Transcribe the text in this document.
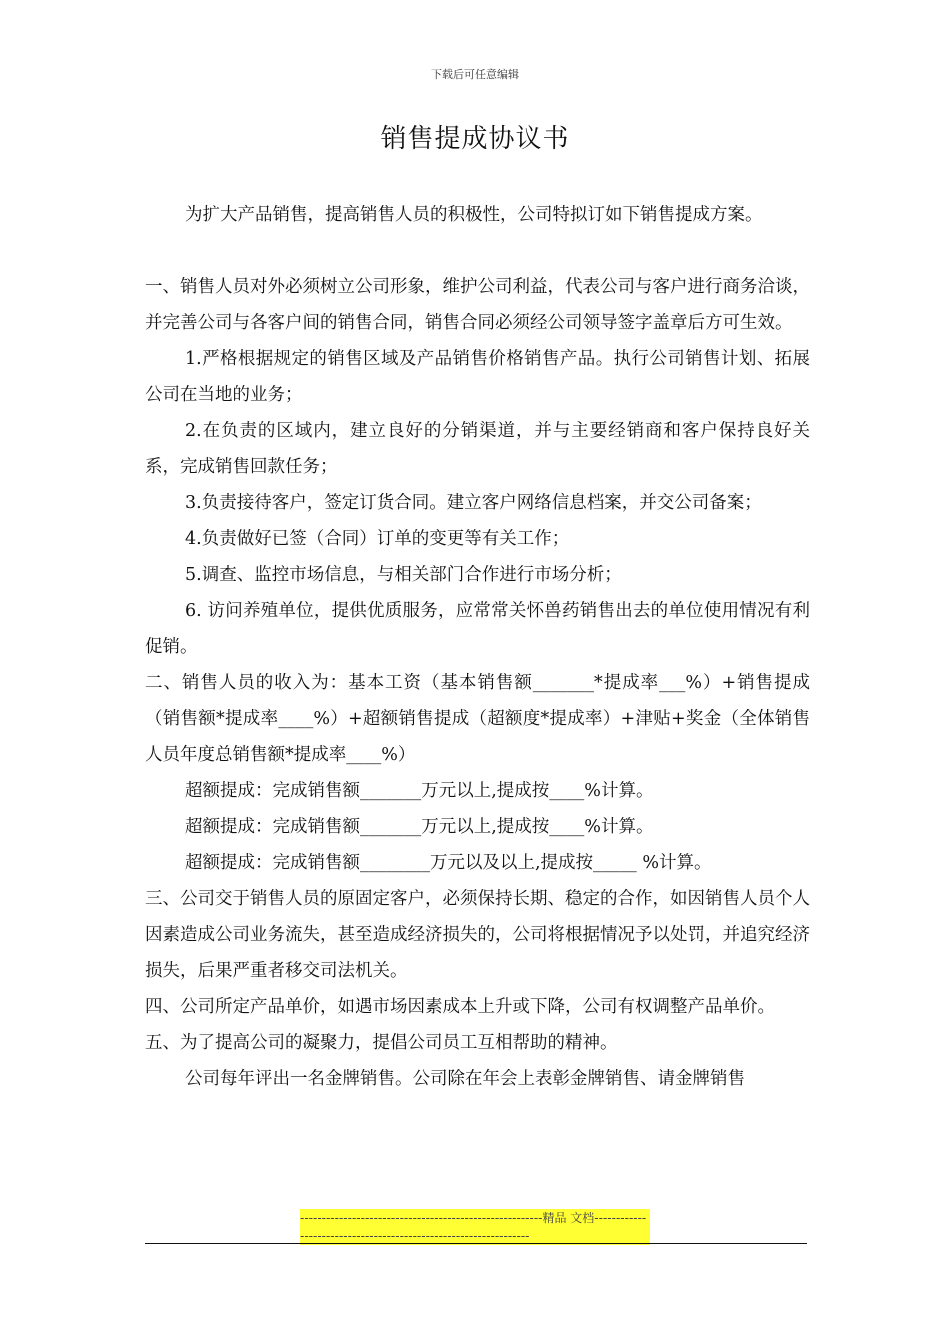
下载后可任意编辑
销售提成协议书

为扩大产品销售，提高销售人员的积极性，公司特拟订如下销售提成方案。

一、销售人员对外必须树立公司形象，维护公司利益，代表公司与客户进行商务洽谈，并完善公司与各客户间的销售合同，销售合同必须经公司领导签字盖章后方可生效。

1.严格根据规定的销售区域及产品销售价格销售产品。执行公司销售计划、拓展公司在当地的业务；

2.在负责的区域内，建立良好的分销渠道，并与主要经销商和客户保持良好关系，完成销售回款任务；

3.负责接待客户，签定订货合同。建立客户网络信息档案，并交公司备案；

4.负责做好已签（合同）订单的变更等有关工作；

5.调查、监控市场信息，与相关部门合作进行市场分析；

6. 访问养殖单位，提供优质服务，应常常关怀兽药销售出去的单位使用情况有利促销。

二、销售人员的收入为：基本工资（基本销售额_______*提成率___%）+销售提成（销售额*提成率____%）+超额销售提成（超额度*提成率）+津贴+奖金（全体销售人员年度总销售额*提成率____%）

超额提成：完成销售额_______万元以上,提成按____%计算。

超额提成：完成销售额_______万元以上,提成按____%计算。

超额提成：完成销售额________万元以及以上,提成按_____ %计算。

三、公司交于销售人员的原固定客户，必须保持长期、稳定的合作，如因销售人员个人因素造成公司业务流失，甚至造成经济损失的，公司将根据情况予以处罚，并追究经济损失，后果严重者移交司法机关。

四、公司所定产品单价，如遇市场因素成本上升或下降，公司有权调整产品单价。

五、为了提高公司的凝聚力，提倡公司员工互相帮助的精神。

公司每年评出一名金牌销售。公司除在年会上表彰金牌销售、请金牌销售

--------------------------------------------------------精品 文档-----------------------------------------------------------------
